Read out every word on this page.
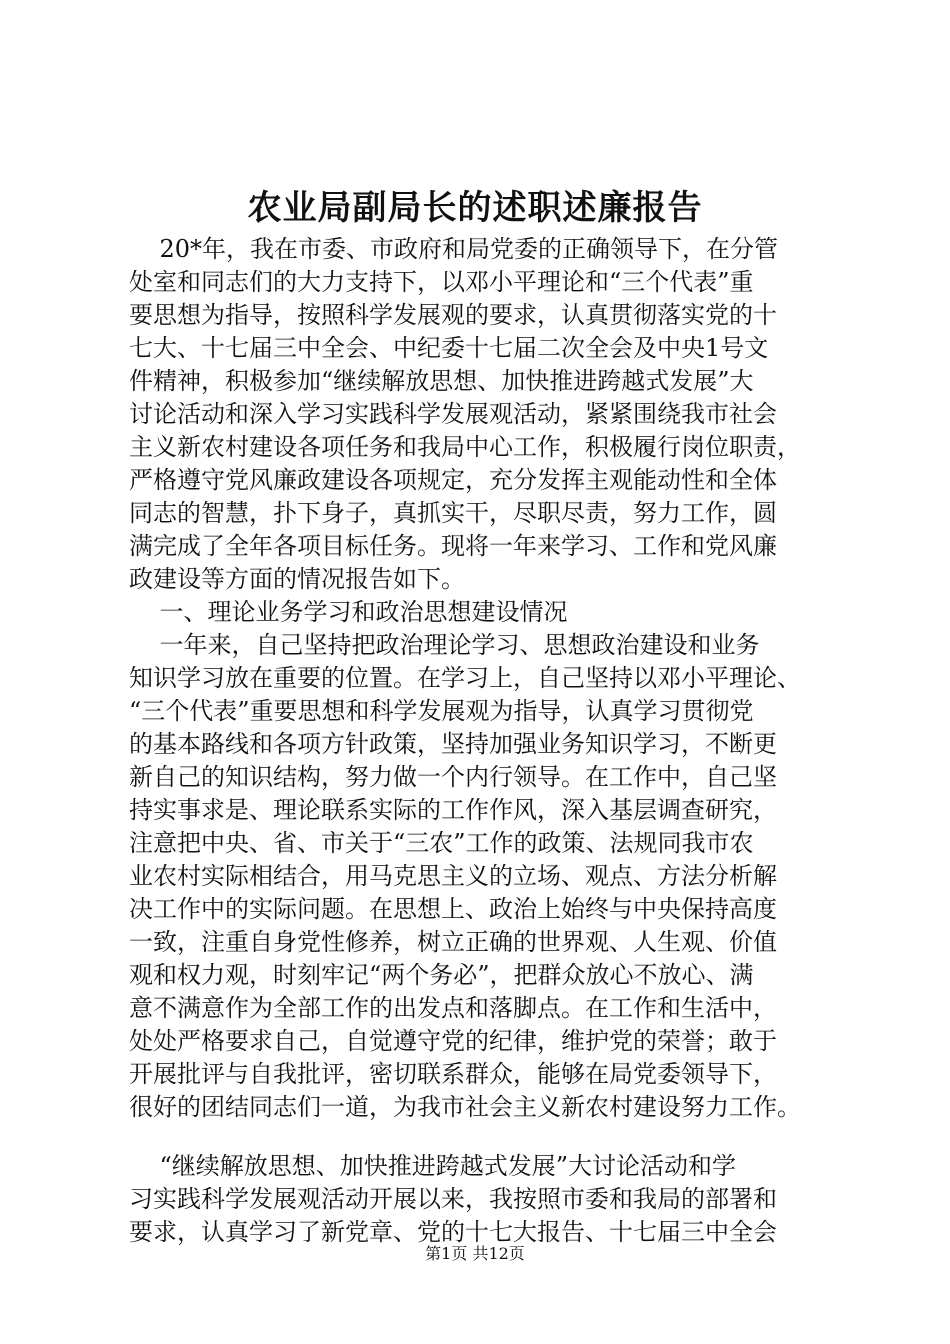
农业局副局长的述职述廉报告
20*年，我在市委、市政府和局党委的正确领导下，在分管
处室和同志们的大力支持下，以邓小平理论和“三个代表”重
要思想为指导，按照科学发展观的要求，认真贯彻落实党的十
七大、十七届三中全会、中纪委十七届二次全会及中央1号文
件精神，积极参加“继续解放思想、加快推进跨越式发展”大
讨论活动和深入学习实践科学发展观活动，紧紧围绕我市社会
主义新农村建设各项任务和我局中心工作，积极履行岗位职责，
严格遵守党风廉政建设各项规定，充分发挥主观能动性和全体
同志的智慧，扑下身子，真抓实干，尽职尽责，努力工作，圆
满完成了全年各项目标任务。现将一年来学习、工作和党风廉
政建设等方面的情况报告如下。
一、理论业务学习和政治思想建设情况
一年来，自己坚持把政治理论学习、思想政治建设和业务
知识学习放在重要的位置。在学习上，自己坚持以邓小平理论、
“三个代表”重要思想和科学发展观为指导，认真学习贯彻党
的基本路线和各项方针政策，坚持加强业务知识学习，不断更
新自己的知识结构，努力做一个内行领导。在工作中，自己坚
持实事求是、理论联系实际的工作作风，深入基层调查研究，
注意把中央、省、市关于“三农”工作的政策、法规同我市农
业农村实际相结合，用马克思主义的立场、观点、方法分析解
决工作中的实际问题。在思想上、政治上始终与中央保持高度
一致，注重自身党性修养，树立正确的世界观、人生观、价值
观和权力观，时刻牢记“两个务必”，把群众放心不放心、满
意不满意作为全部工作的出发点和落脚点。在工作和生活中，
处处严格要求自己，自觉遵守党的纪律，维护党的荣誉；敢于
开展批评与自我批评，密切联系群众，能够在局党委领导下，
很好的团结同志们一道，为我市社会主义新农村建设努力工作。
“继续解放思想、加快推进跨越式发展”大讨论活动和学
习实践科学发展观活动开展以来，我按照市委和我局的部署和
要求，认真学习了新党章、党的十七大报告、十七届三中全会
第1页 共12页
